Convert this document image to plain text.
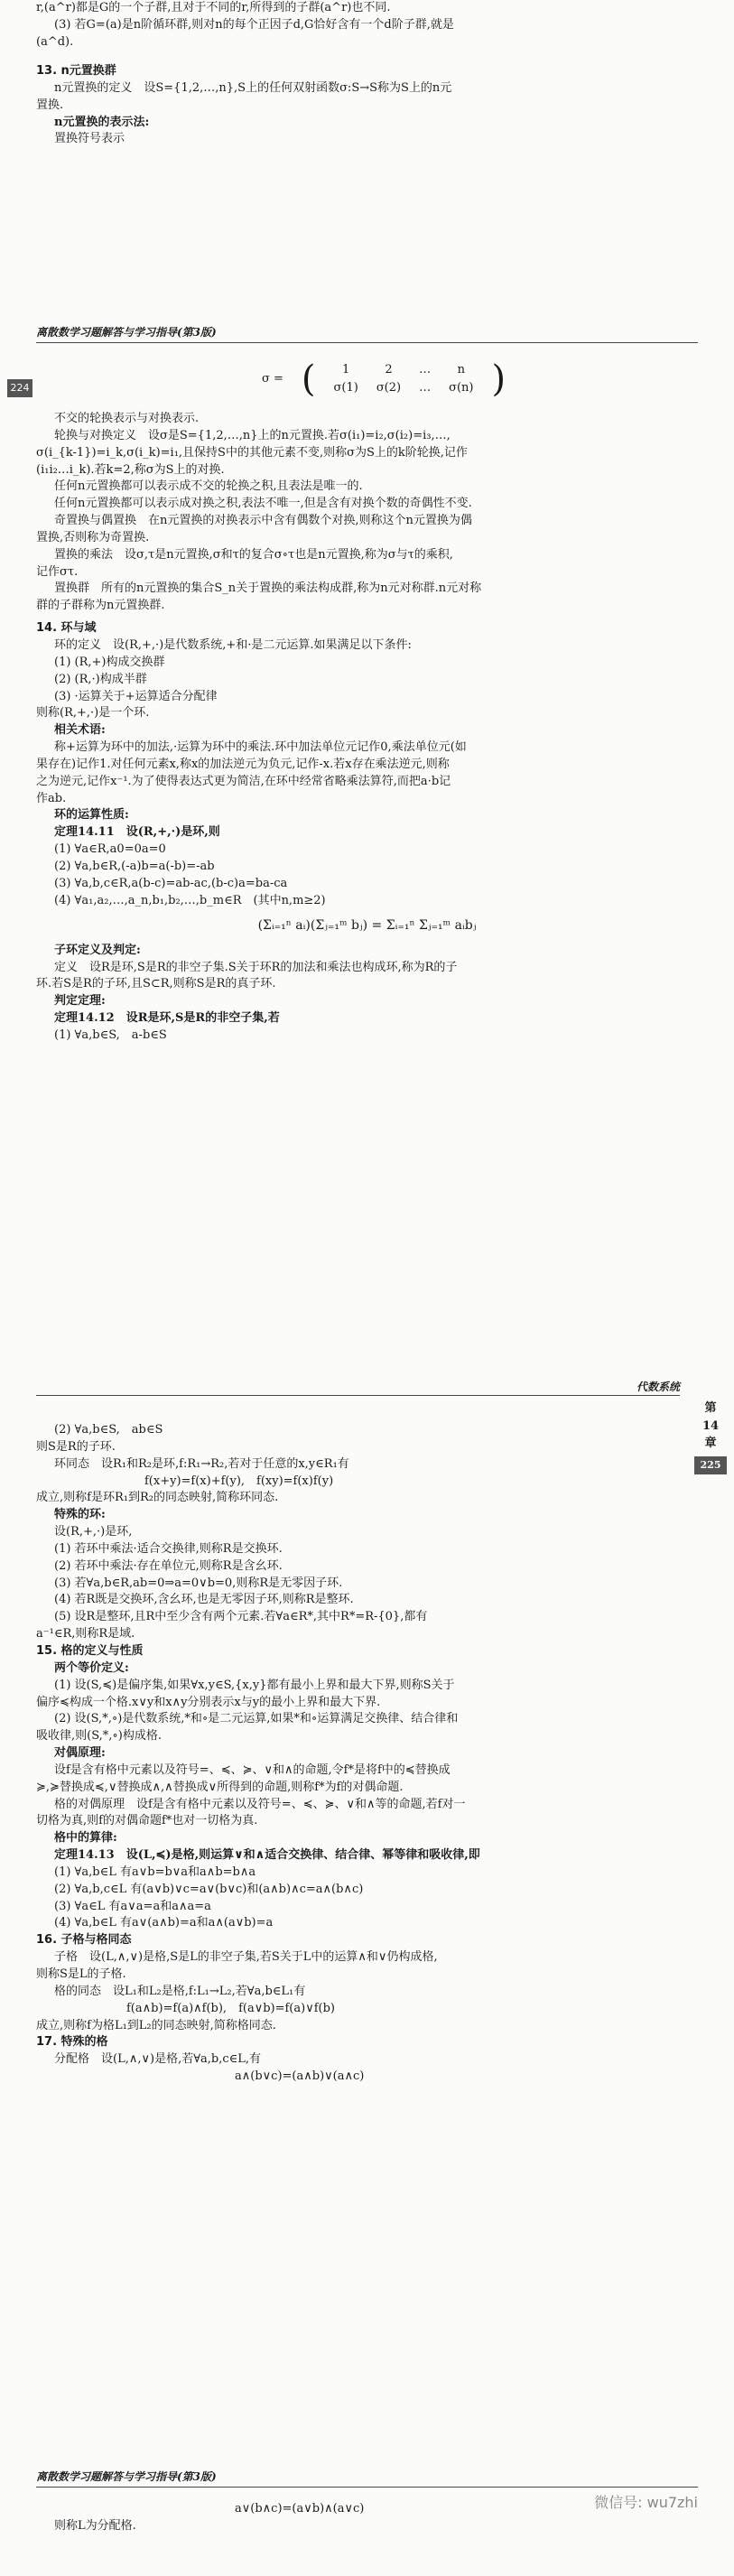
r,(a^r)都是G的一个子群,且对于不同的r,所得到的子群(a^r)也不同.
(3) 若G=(a)是n阶循环群,则对n的每个正因子d,G恰好含有一个d阶子群,就是
(a^d).
13. n元置换群
n元置换的定义　设S={1,2,…,n},S上的任何双射函数σ:S→S称为S上的n元
置换.
n元置换的表示法:
置换符号表示
离散数学习题解答与学习指导(第3版)
224
σ =	(	1	2	…	n	)
		σ(1)	σ(2)	…	σ(n)	
不交的轮换表示与对换表示.
轮换与对换定义　设σ是S={1,2,…,n}上的n元置换.若σ(i₁)=i₂,σ(i₂)=i₃,…,
σ(i_{k-1})=i_k,σ(i_k)=i₁,且保持S中的其他元素不变,则称σ为S上的k阶轮换,记作
(i₁i₂…i_k).若k=2,称σ为S上的对换.
任何n元置换都可以表示成不交的轮换之积,且表法是唯一的.
任何n元置换都可以表示成对换之积,表法不唯一,但是含有对换个数的奇偶性不变.
奇置换与偶置换　在n元置换的对换表示中含有偶数个对换,则称这个n元置换为偶
置换,否则称为奇置换.
置换的乘法　设σ,τ是n元置换,σ和τ的复合σ∘τ也是n元置换,称为σ与τ的乘积,
记作στ.
置换群　所有的n元置换的集合S_n关于置换的乘法构成群,称为n元对称群.n元对称
群的子群称为n元置换群.
14. 环与域
环的定义　设(R,+,·)是代数系统,+和·是二元运算.如果满足以下条件:
(1) (R,+)构成交换群
(2) (R,·)构成半群
(3) ·运算关于+运算适合分配律
则称(R,+,·)是一个环.
相关术语:
称+运算为环中的加法,·运算为环中的乘法.环中加法单位元记作0,乘法单位元(如
果存在)记作1.对任何元素x,称x的加法逆元为负元,记作-x.若x存在乘法逆元,则称
之为逆元,记作x⁻¹.为了使得表达式更为简洁,在环中经常省略乘法算符,而把a·b记
作ab.
环的运算性质:
定理14.11　设(R,+,·)是环,则
(1) ∀a∈R,a0=0a=0
(2) ∀a,b∈R,(-a)b=a(-b)=-ab
(3) ∀a,b,c∈R,a(b-c)=ab-ac,(b-c)a=ba-ca
(4) ∀a₁,a₂,…,a_n,b₁,b₂,…,b_m∈R　(其中n,m≥2)
(Σᵢ₌₁ⁿ aᵢ)(Σⱼ₌₁ᵐ bⱼ) = Σᵢ₌₁ⁿ Σⱼ₌₁ᵐ aᵢbⱼ
子环定义及判定:
定义　设R是环,S是R的非空子集.S关于环R的加法和乘法也构成环,称为R的子
环.若S是R的子环,且S⊂R,则称S是R的真子环.
判定定理:
定理14.12　设R是环,S是R的非空子集,若
(1) ∀a,b∈S,　a-b∈S
代数系统
第
14
章
225
(2) ∀a,b∈S,　ab∈S
则S是R的子环.
环同态　设R₁和R₂是环,f:R₁→R₂,若对于任意的x,y∈R₁有
f(x+y)=f(x)+f(y),　f(xy)=f(x)f(y)
成立,则称f是环R₁到R₂的同态映射,简称环同态.
特殊的环:
设(R,+,·)是环,
(1) 若环中乘法·适合交换律,则称R是交换环.
(2) 若环中乘法·存在单位元,则称R是含幺环.
(3) 若∀a,b∈R,ab=0⇒a=0∨b=0,则称R是无零因子环.
(4) 若R既是交换环,含幺环,也是无零因子环,则称R是整环.
(5) 设R是整环,且R中至少含有两个元素.若∀a∈R*,其中R*=R-{0},都有
a⁻¹∈R,则称R是域.
15. 格的定义与性质
两个等价定义:
(1) 设(S,≼)是偏序集,如果∀x,y∈S,{x,y}都有最小上界和最大下界,则称S关于
偏序≼构成一个格.x∨y和x∧y分别表示x与y的最小上界和最大下界.
(2) 设(S,*,∘)是代数系统,*和∘是二元运算,如果*和∘运算满足交换律、结合律和
吸收律,则(S,*,∘)构成格.
对偶原理:
设f是含有格中元素以及符号=、≼、≽、∨和∧的命题,令f*是将f中的≼替换成
≽,≽替换成≼,∨替换成∧,∧替换成∨所得到的命题,则称f*为f的对偶命题.
格的对偶原理　设f是含有格中元素以及符号=、≼、≽、∨和∧等的命题,若f对一
切格为真,则f的对偶命题f*也对一切格为真.
格中的算律:
定理14.13　设(L,≼)是格,则运算∨和∧适合交换律、结合律、幂等律和吸收律,即
(1) ∀a,b∈L 有a∨b=b∨a和a∧b=b∧a
(2) ∀a,b,c∈L 有(a∨b)∨c=a∨(b∨c)和(a∧b)∧c=a∧(b∧c)
(3) ∀a∈L 有a∨a=a和a∧a=a
(4) ∀a,b∈L 有a∨(a∧b)=a和a∧(a∨b)=a
16. 子格与格同态
子格　设(L,∧,∨)是格,S是L的非空子集,若S关于L中的运算∧和∨仍构成格,
则称S是L的子格.
格的同态　设L₁和L₂是格,f:L₁→L₂,若∀a,b∈L₁有
f(a∧b)=f(a)∧f(b),　f(a∨b)=f(a)∨f(b)
成立,则称f为格L₁到L₂的同态映射,简称格同态.
17. 特殊的格
分配格　设(L,∧,∨)是格,若∀a,b,c∈L,有
a∧(b∨c)=(a∧b)∨(a∧c)
离散数学习题解答与学习指导(第3版)
a∨(b∧c)=(a∨b)∧(a∨c)
则称L为分配格.
微信号: wu7zhi
